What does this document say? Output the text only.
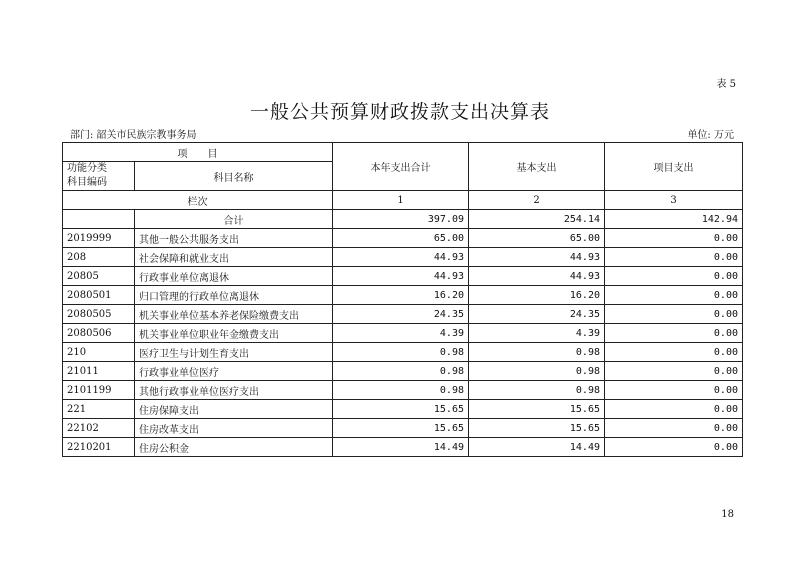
表 5
一般公共预算财政拨款支出决算表
部门: 韶关市民族宗教事务局	单位: 万元
项　　目		本年支出合计	基本支出	项目支出

功能分类
科目编码	科目名称			

栏次		1	2	3
	合计	397.09	254.14	142.94
2019999	其他一般公共服务支出	65.00	65.00	0.00
208	社会保障和就业支出	44.93	44.93	0.00
20805	行政事业单位离退休	44.93	44.93	0.00
2080501	归口管理的行政单位离退休	16.20	16.20	0.00
2080505	机关事业单位基本养老保险缴费支出	24.35	24.35	0.00
2080506	机关事业单位职业年金缴费支出	4.39	4.39	0.00
210	医疗卫生与计划生育支出	0.98	0.98	0.00
21011	行政事业单位医疗	0.98	0.98	0.00
2101199	其他行政事业单位医疗支出	0.98	0.98	0.00
221	住房保障支出	15.65	15.65	0.00
22102	住房改革支出	15.65	15.65	0.00
2210201	住房公积金	14.49	14.49	0.00
18
